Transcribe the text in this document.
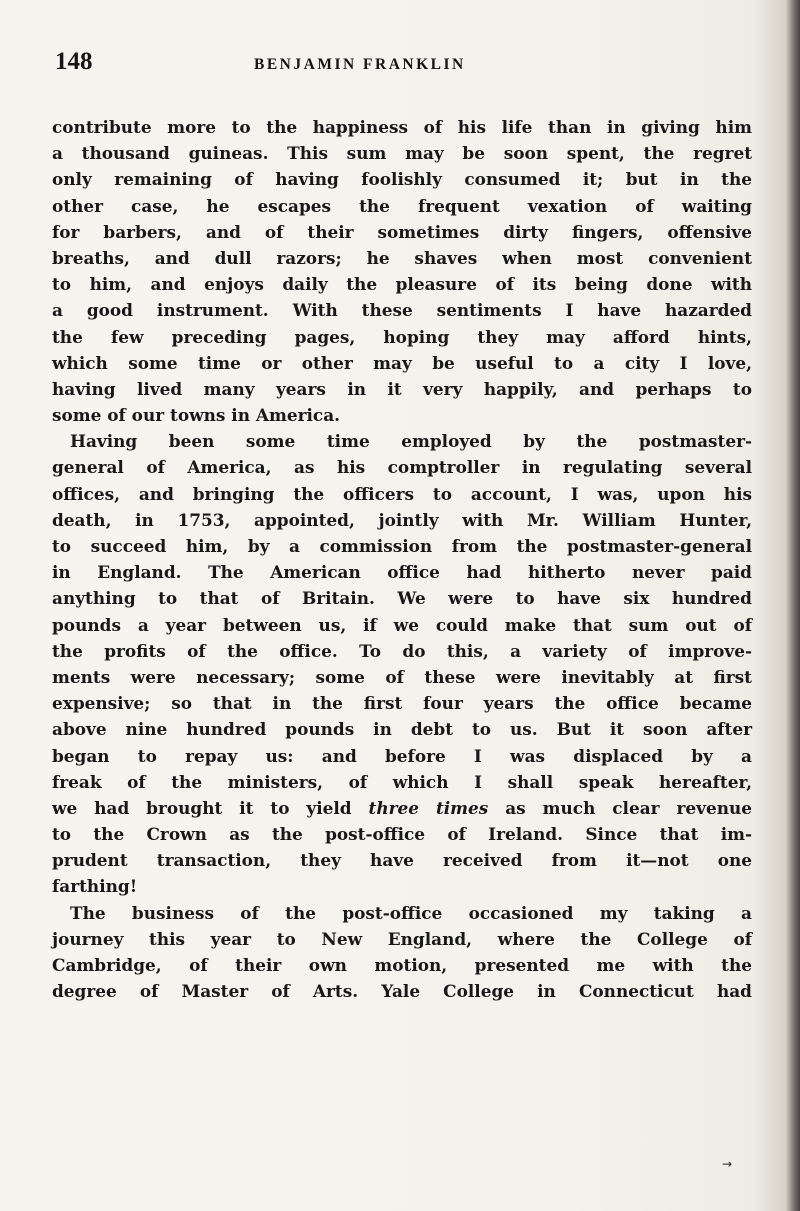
148	BENJAMIN FRANKLIN
contribute more to the happiness of his life than in giving him
a thousand guineas. This sum may be soon spent, the regret
only remaining of having foolishly consumed it; but in the
other case, he escapes the frequent vexation of waiting
for barbers, and of their sometimes dirty fingers, offensive
breaths, and dull razors; he shaves when most convenient
to him, and enjoys daily the pleasure of its being done with
a good instrument. With these sentiments I have hazarded
the few preceding pages, hoping they may afford hints,
which some time or other may be useful to a city I love,
having lived many years in it very happily, and perhaps to
some of our towns in America.
Having been some time employed by the postmaster-
general of America, as his comptroller in regulating several
offices, and bringing the officers to account, I was, upon his
death, in 1753, appointed, jointly with Mr. William Hunter,
to succeed him, by a commission from the postmaster-general
in England. The American office had hitherto never paid
anything to that of Britain. We were to have six hundred
pounds a year between us, if we could make that sum out of
the profits of the office. To do this, a variety of improve-
ments were necessary; some of these were inevitably at first
expensive; so that in the first four years the office became
above nine hundred pounds in debt to us. But it soon after
began to repay us: and before I was displaced by a
freak of the ministers, of which I shall speak hereafter,
we had brought it to yield three times as much clear revenue
to the Crown as the post-office of Ireland. Since that im-
prudent transaction, they have received from it—not one
farthing!
The business of the post-office occasioned my taking a
journey this year to New England, where the College of
Cambridge, of their own motion, presented me with the
degree of Master of Arts. Yale College in Connecticut had
→
